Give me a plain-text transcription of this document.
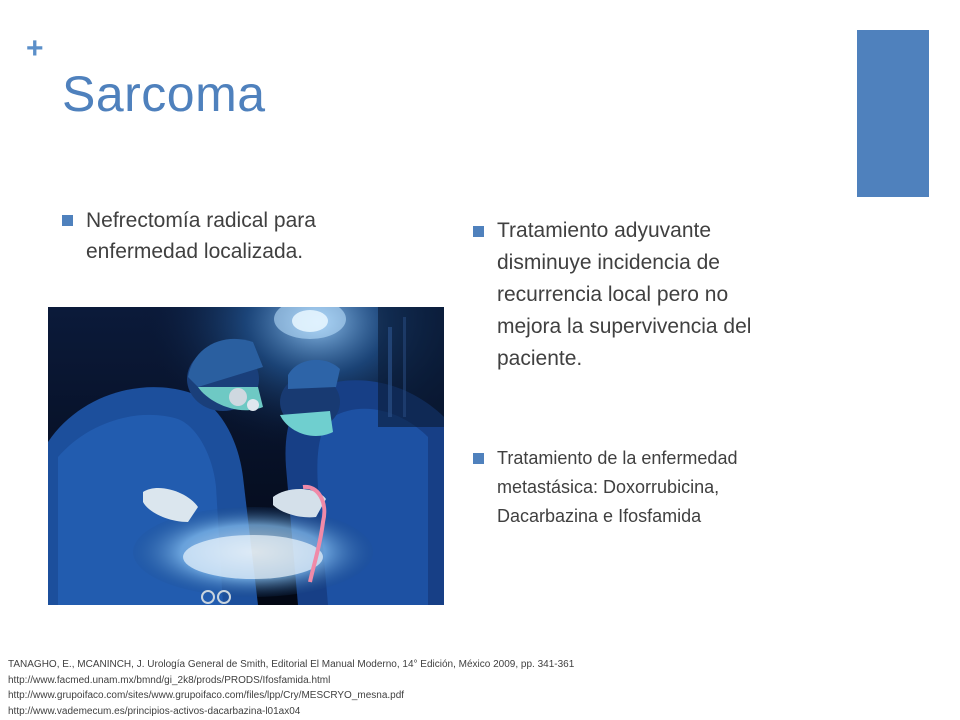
+
Sarcoma
Nefrectomía radical para
enfermedad localizada.
Tratamiento adyuvante
disminuye incidencia de
recurrencia local pero no
mejora la supervivencia del
paciente.
Tratamiento de la enfermedad
metastásica: Doxorrubicina,
Dacarbazina e Ifosfamida
TANAGHO, E., MCANINCH, J. Urología General de Smith, Editorial El Manual Moderno, 14° Edición, México 2009, pp. 341-361
http://www.facmed.unam.mx/bmnd/gi_2k8/prods/PRODS/Ifosfamida.html
http://www.grupoifaco.com/sites/www.grupoifaco.com/files/lpp/Cry/MESCRYO_mesna.pdf
http://www.vademecum.es/principios-activos-dacarbazina-l01ax04
